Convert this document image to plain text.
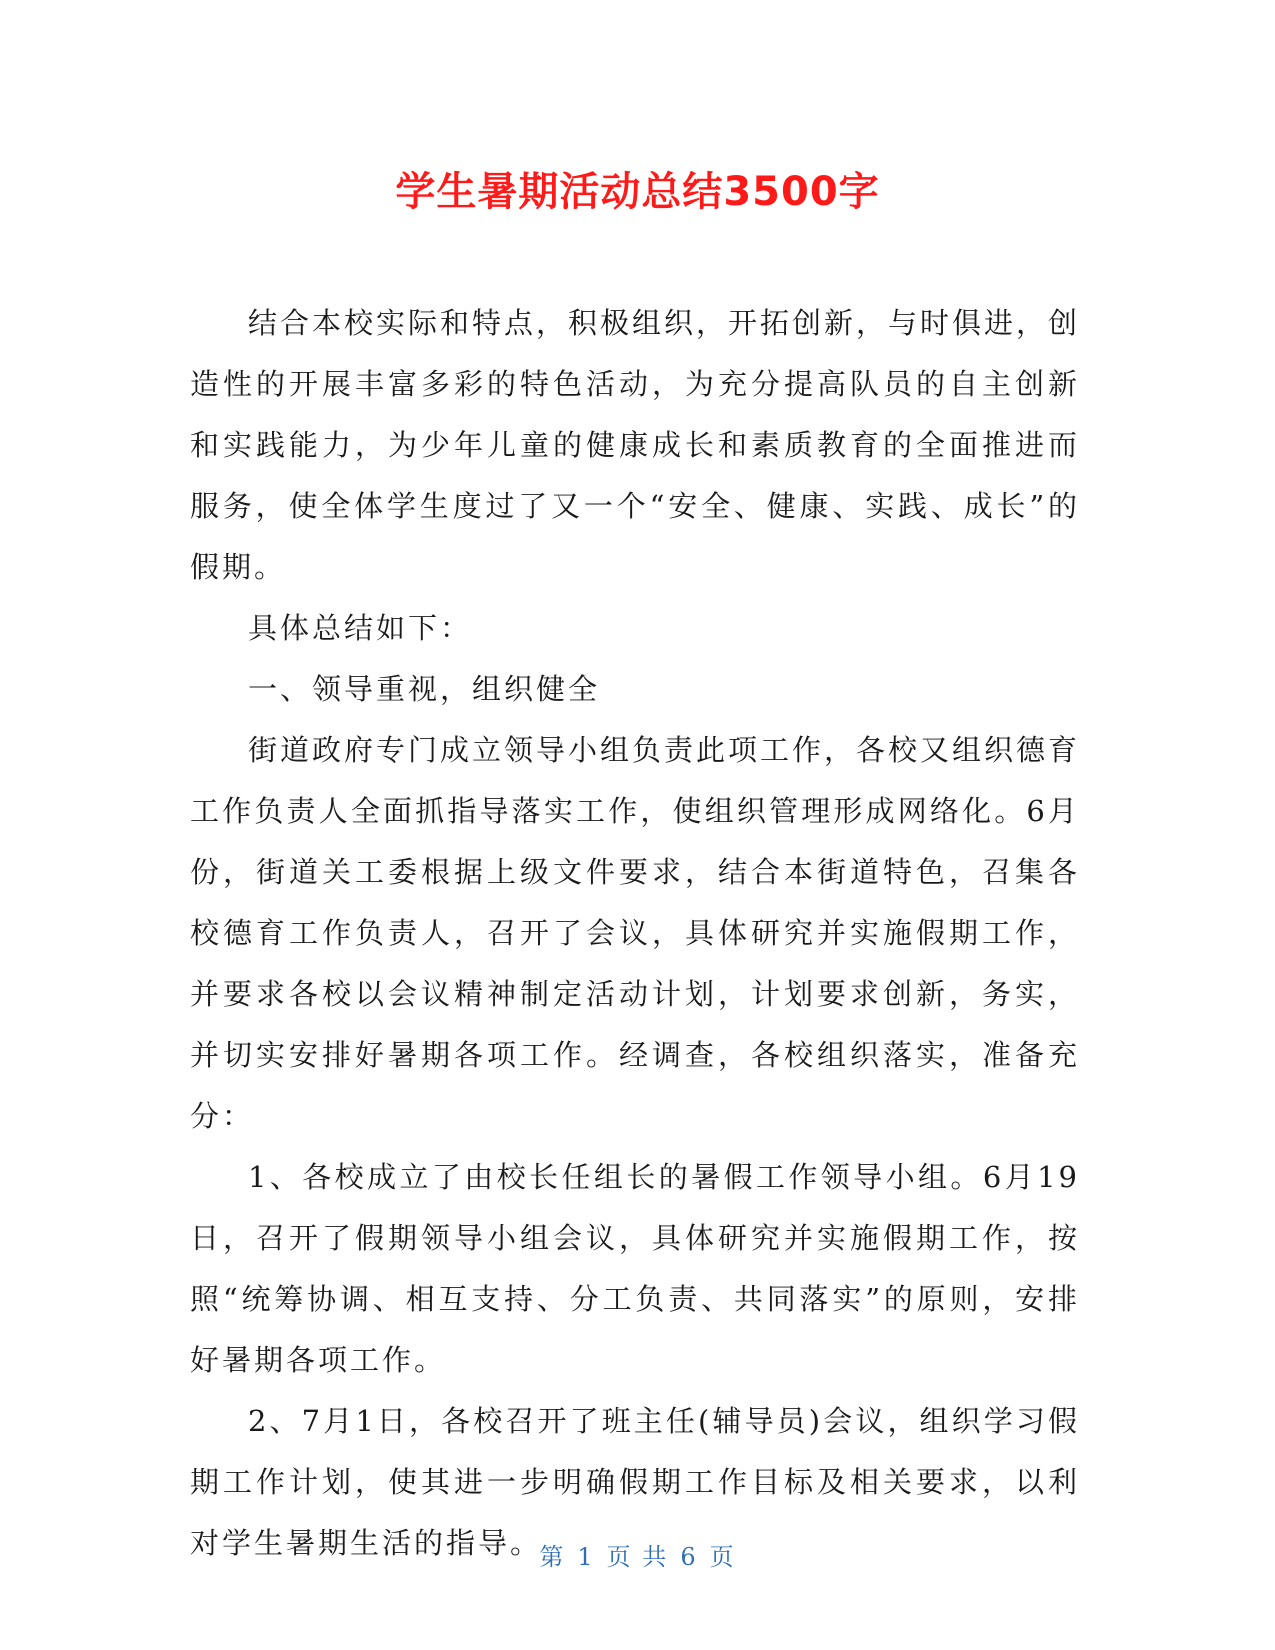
学生暑期活动总结3500字

结合本校实际和特点，积极组织，开拓创新，与时俱进，创造性的开展丰富多彩的特色活动，为充分提高队员的自主创新和实践能力，为少年儿童的健康成长和素质教育的全面推进而服务，使全体学生度过了又一个“安全、健康、实践、成长”的假期。

具体总结如下：

一、领导重视，组织健全

街道政府专门成立领导小组负责此项工作，各校又组织德育工作负责人全面抓指导落实工作，使组织管理形成网络化。6月份，街道关工委根据上级文件要求，结合本街道特色，召集各校德育工作负责人，召开了会议，具体研究并实施假期工作，并要求各校以会议精神制定活动计划，计划要求创新，务实，并切实安排好暑期各项工作。经调查，各校组织落实，准备充分：

1、各校成立了由校长任组长的暑假工作领导小组。6月19日，召开了假期领导小组会议，具体研究并实施假期工作，按照“统筹协调、相互支持、分工负责、共同落实”的原则，安排好暑期各项工作。

2、7月1日，各校召开了班主任(辅导员)会议，组织学习假期工作计划，使其进一步明确假期工作目标及相关要求，以利对学生暑期生活的指导。

第 1 页 共 6 页
